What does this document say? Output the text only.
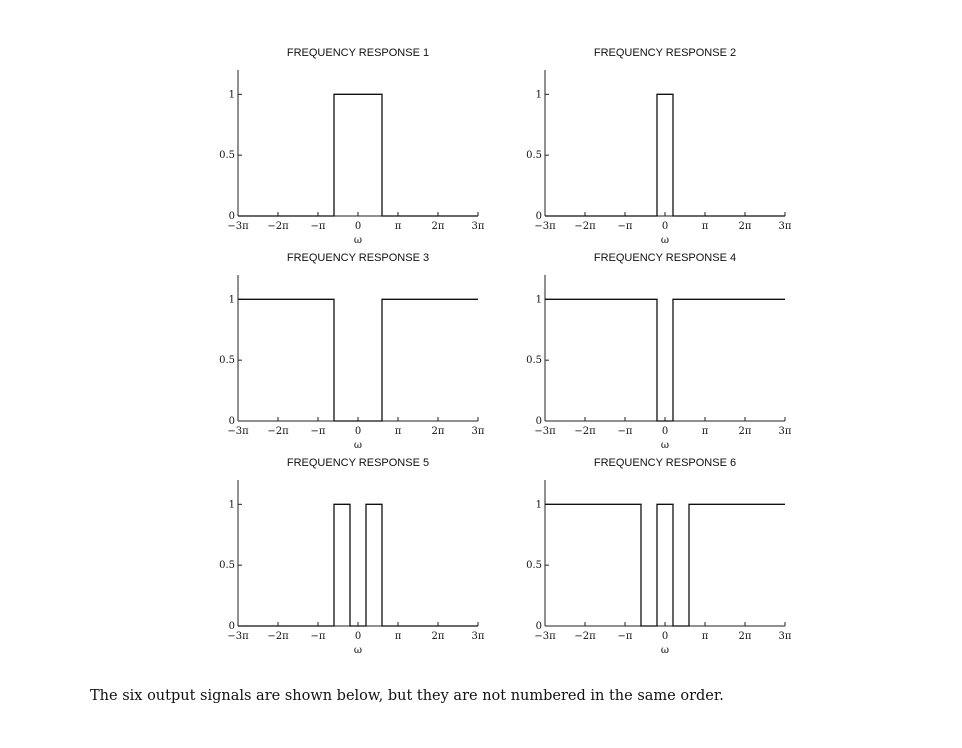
FREQUENCY RESPONSE 1
0
0.5
1
−3π −2π −π	0	π	2π	3π
ω
FREQUENCY RESPONSE 2
0
0.5
1
−3π −2π −π	0	π	2π	3π
ω
FREQUENCY RESPONSE 3
0
0.5
1
−3π −2π −π	0	π	2π	3π
ω
FREQUENCY RESPONSE 4
0
0.5
1
−3π −2π −π	0	π	2π	3π
ω
FREQUENCY RESPONSE 5
0
0.5
1
−3π −2π −π	0	π	2π	3π
ω
FREQUENCY RESPONSE 6
0
0.5
1
−3π −2π −π	0	π	2π	3π
ω
The six output signals are shown below, but they are not numbered in the same order.
